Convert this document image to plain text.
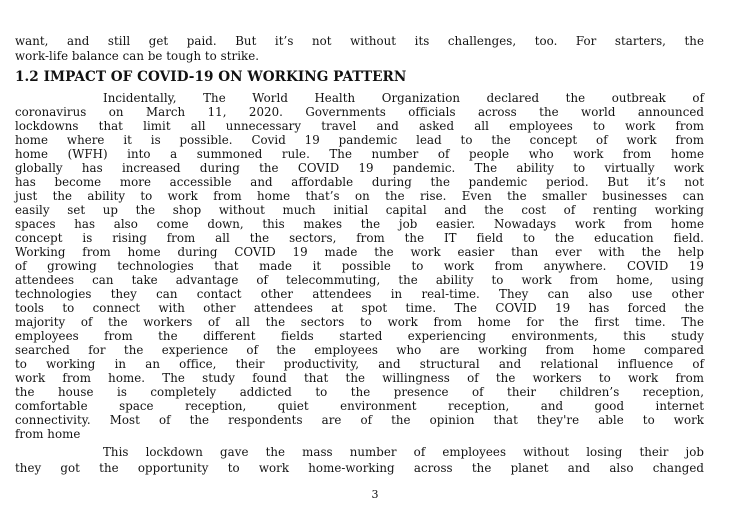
want, and still get paid. But it’s not without its challenges, too. For starters, the
work-life balance can be tough to strike.
1.2 IMPACT OF COVID-19 ON WORKING PATTERN
Incidentally, The World Health Organization declared the outbreak of
coronavirus on March 11, 2020. Governments officials across the world announced
lockdowns that limit all unnecessary travel and asked all employees to work from
home where it is possible. Covid 19 pandemic lead to the concept of work from
home (WFH) into a summoned rule. The number of people who work from home
globally has increased during the COVID 19 pandemic. The ability to virtually work
has become more accessible and affordable during the pandemic period. But it’s not
just the ability to work from home that’s on the rise. Even the smaller businesses can
easily set up the shop without much initial capital and the cost of renting working
spaces has also come down, this makes the job easier. Nowadays work from home
concept is rising from all the sectors, from the IT field to the education field.
Working from home during COVID 19 made the work easier than ever with the help
of growing technologies that made it possible to work from anywhere. COVID 19
attendees can take advantage of telecommuting, the ability to work from home, using
technologies they can contact other attendees in real-time. They can also use other
tools to connect with other attendees at spot time. The COVID 19 has forced the
majority of the workers of all the sectors to work from home for the first time. The
employees from the different fields started experiencing environments, this study
searched for the experience of the employees who are working from home compared
to working in an office, their productivity, and structural and relational influence of
work from home. The study found that the willingness of the workers to work from
the house is completely addicted to the presence of their children’s reception,
comfortable space reception, quiet environment reception, and good internet
connectivity. Most of the respondents are of the opinion that they're able to work
from home
This lockdown gave the mass number of employees without losing their job
they got the opportunity to work home-working across the planet and also changed
3
